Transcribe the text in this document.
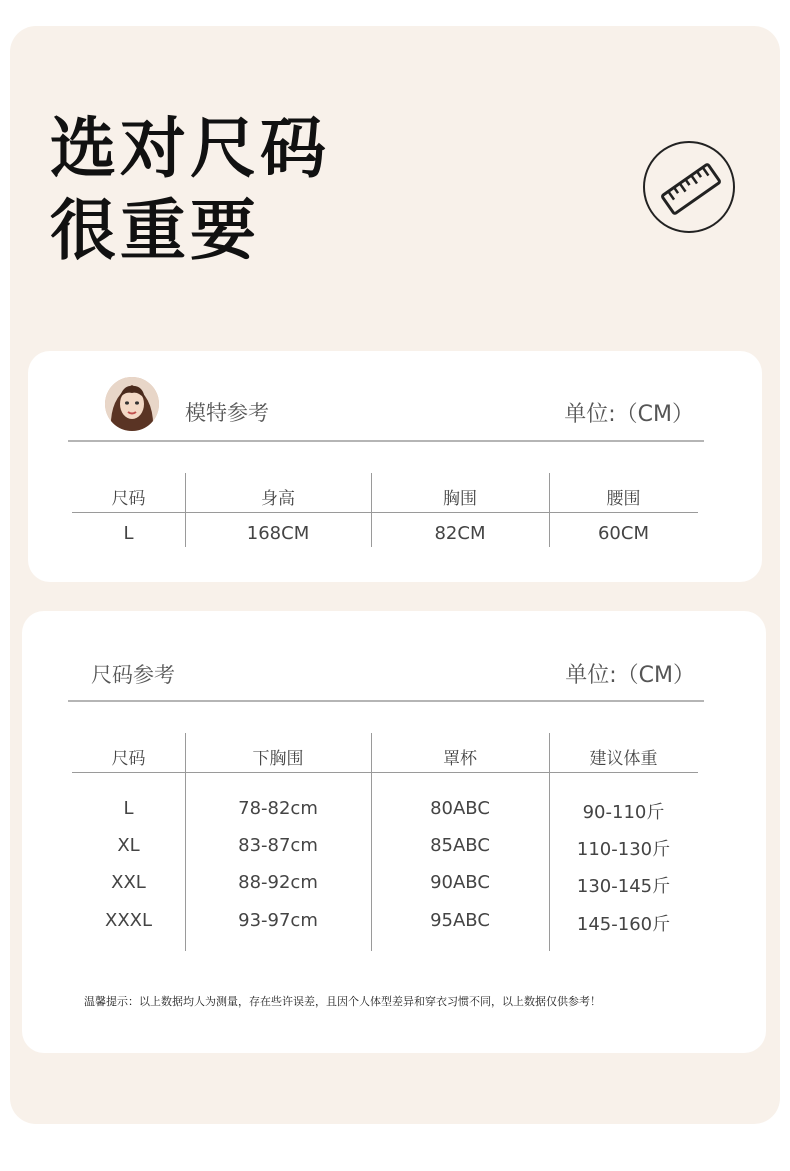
选对尺码
很重要
模特参考	单位:（CM）
尺码	身高	胸围	腰围
L	168CM	82CM	60CM
尺码参考	单位:（CM）
尺码	下胸围	罩杯	建议体重
L	78-82cm	80ABC	90-110斤
XL	83-87cm	85ABC	110-130斤
XXL	88-92cm	90ABC	130-145斤
XXXL	93-97cm	95ABC	145-160斤
温馨提示：以上数据均人为测量，存在些许误差，且因个人体型差异和穿衣习惯不同，以上数据仅供参考！
